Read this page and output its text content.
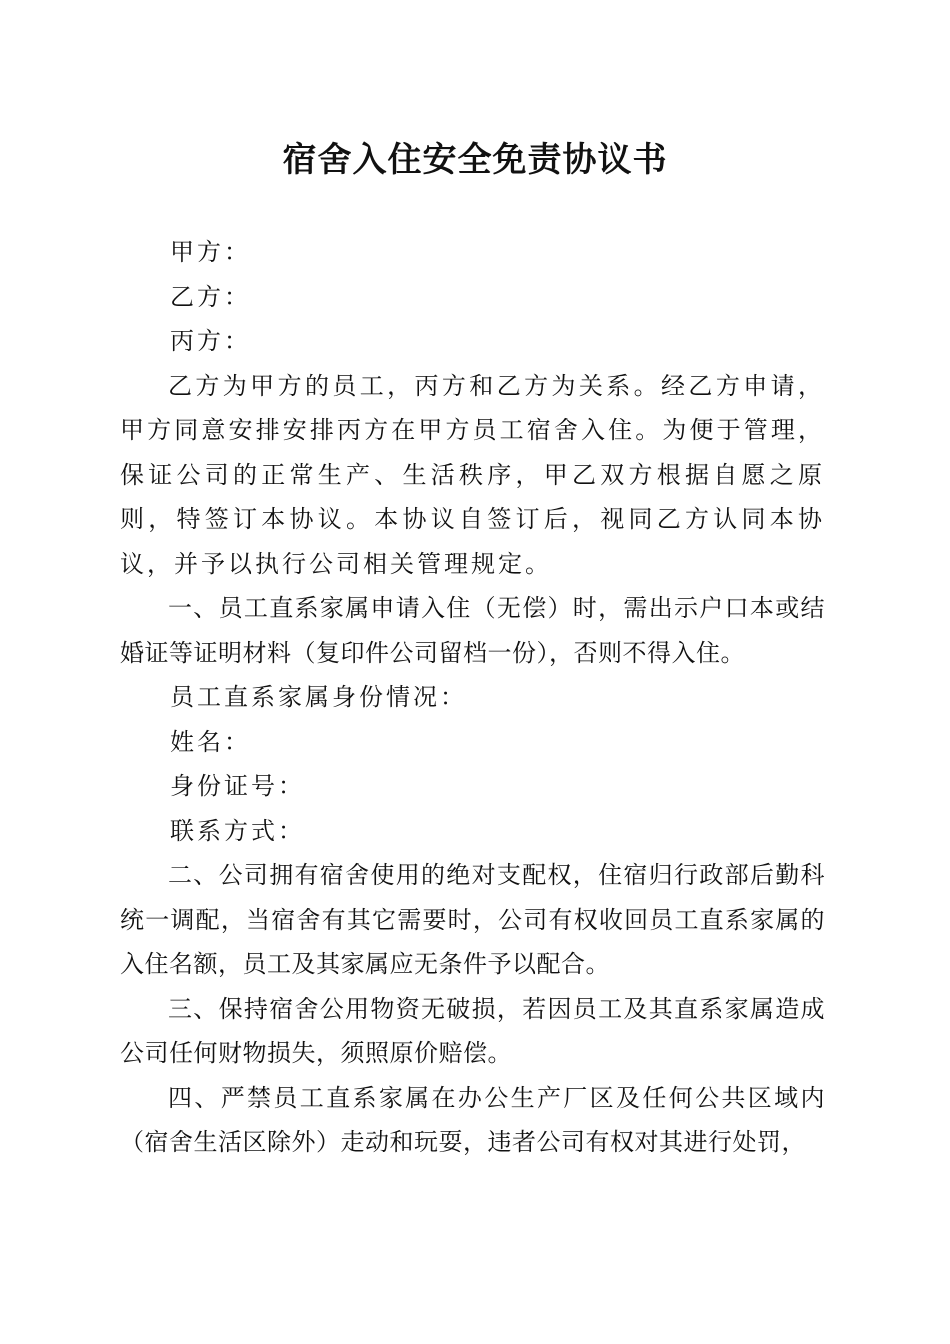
宿舍入住安全免责协议书

甲方：

乙方：

丙方：

乙方为甲方的员工，丙方和乙方为关系。经乙方申请，甲方同意安排安排丙方在甲方员工宿舍入住。为便于管理，保证公司的正常生产、生活秩序，甲乙双方根据自愿之原则，特签订本协议。本协议自签订后，视同乙方认同本协议，并予以执行公司相关管理规定。

一、员工直系家属申请入住（无偿）时，需出示户口本或结婚证等证明材料（复印件公司留档一份），否则不得入住。

员工直系家属身份情况：

姓名：

身份证号：

联系方式：

二、公司拥有宿舍使用的绝对支配权，住宿归行政部后勤科统一调配，当宿舍有其它需要时，公司有权收回员工直系家属的入住名额，员工及其家属应无条件予以配合。

三、保持宿舍公用物资无破损，若因员工及其直系家属造成公司任何财物损失，须照原价赔偿。

四、严禁员工直系家属在办公生产厂区及任何公共区域内（宿舍生活区除外）走动和玩耍，违者公司有权对其进行处罚，
